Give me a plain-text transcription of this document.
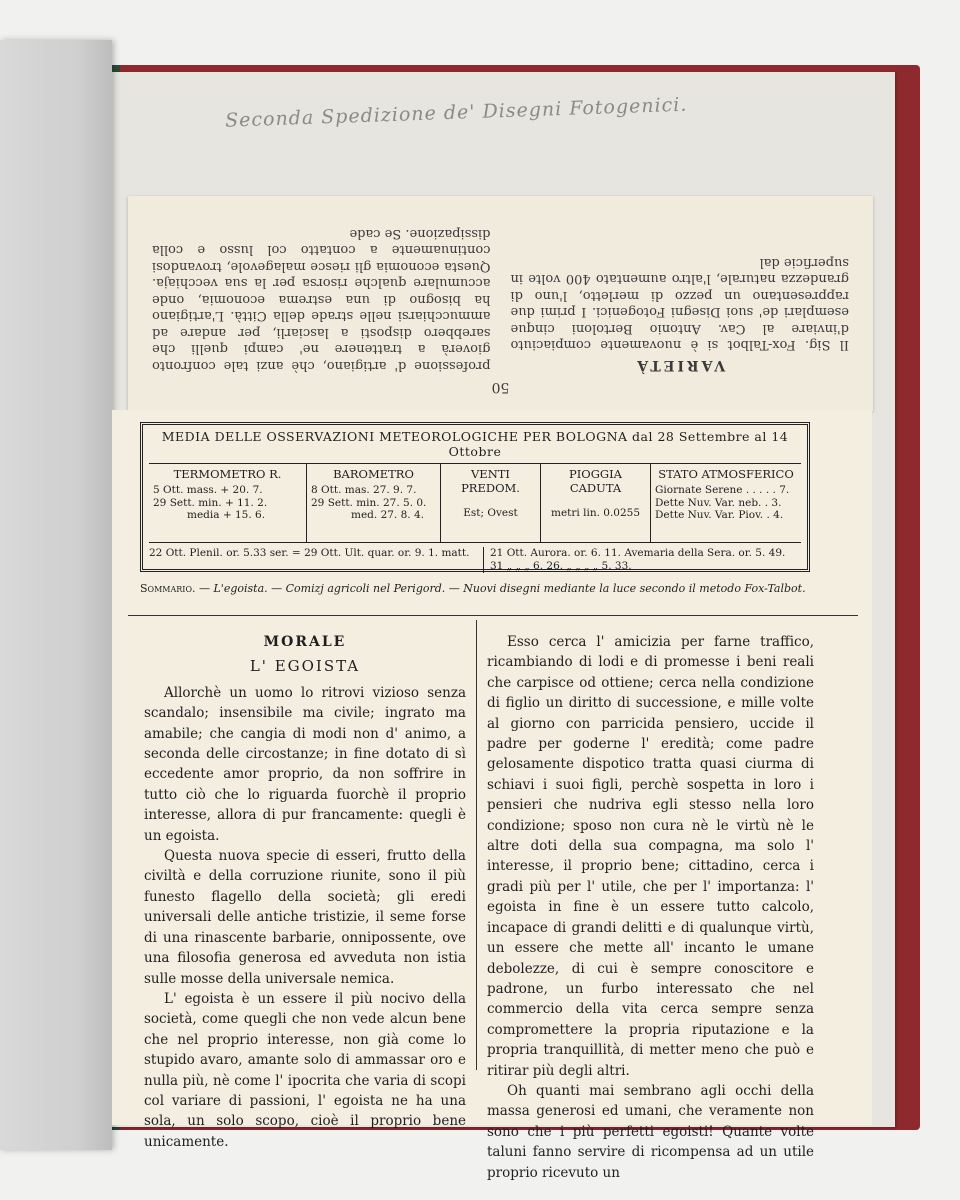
Seconda Spedizione de' Disegni Fotogenici.
50
VARIETÀ
Il Sig. Fox-Talbot si è nuovamente compiaciuto d'inviare al Cav. Antonio Bertoloni cinque esemplari de' suoi Disegni Fotogenici. I primi due rappresentano un pezzo di merletto, l'uno di grandezza naturale, l'altro aumentato 400 volte in superficie dal
professione d' artigiano, chè anzi tale confronto gioverà a trattenere ne' campi quelli che sarebbero disposti a lasciarli, per andare ad ammucchiarsi nelle strade della Città. L'artigiano ha bisogno di una estrema economia, onde accumulare qualche risorsa per la sua vecchiaja. Questa economia gli riesce malagevole, trovandosi continuamente a contatto col lusso e colla dissipazione. Se cade
MEDIA DELLE OSSERVAZIONI METEOROLOGICHE PER BOLOGNA dal 28 Settembre al 14 Ottobre
TERMOMETRO R.
5 Ott. mass. + 20. 7.
29 Sett. min. + 11. 2.
media + 15. 6.
BAROMETRO
8 Ott. mas. 27. 9. 7.
29 Sett. min. 27. 5. 0.
med. 27. 8. 4.
VENTI PREDOM.
Est; Ovest
PIOGGIA CADUTA
metri lin. 0.0255
STATO ATMOSFERICO
Giornate Serene . . . . . 7.
Dette Nuv. Var. neb. . 3.
Dette Nuv. Var. Piov. . 4.
22 Ott. Plenil. or. 5.33 ser. = 29 Ott. Ult. quar. or. 9. 1. matt.	21 Ott. Aurora. or. 6. 11. Avemaria della Sera. or. 5. 49.
31 „ „ „ 6. 26. „ „ „ „ 5. 33.
Sommario. — L'egoista. — Comizj agricoli nel Perigord. — Nuovi disegni mediante la luce secondo il metodo Fox-Talbot.
MORALE
L' EGOISTA

Allorchè un uomo lo ritrovi vizioso senza scandalo; insensibile ma civile; ingrato ma amabile; che cangia di modi non d' animo, a seconda delle circostanze; in fine dotato di sì eccedente amor proprio, da non soffrire in tutto ciò che lo riguarda fuorchè il proprio interesse, allora di pur francamente: quegli è un egoista.

Questa nuova specie di esseri, frutto della civiltà e della corruzione riunite, sono il più funesto flagello della società; gli eredi universali delle antiche tristizie, il seme forse di una rinascente barbarie, onnipossente, ove una filosofia generosa ed avveduta non istia sulle mosse della universale nemica.

L' egoista è un essere il più nocivo della società, come quegli che non vede alcun bene che nel proprio interesse, non già come lo stupido avaro, amante solo di ammassar oro e nulla più, nè come l' ipocrita che varia di scopi col variare di passioni, l' egoista ne ha una sola, un solo scopo, cioè il proprio bene unicamente.

Esso cerca l' amicizia per farne traffico, ricambiando di lodi e di promesse i beni reali che carpisce od ottiene; cerca nella condizione di figlio un diritto di successione, e mille volte al giorno con parricida pensiero, uccide il padre per goderne l' eredità; come padre gelosamente dispotico tratta quasi ciurma di schiavi i suoi figli, perchè sospetta in loro i pensieri che nudriva egli stesso nella loro condizione; sposo non cura nè le virtù nè le altre doti della sua compagna, ma solo l' interesse, il proprio bene; cittadino, cerca i gradi più per l' utile, che per l' importanza: l' egoista in fine è un essere tutto calcolo, incapace di grandi delitti e di qualunque virtù, un essere che mette all' incanto le umane debolezze, di cui è sempre conoscitore e padrone, un furbo interessato che nel commercio della vita cerca sempre senza compromettere la propria riputazione e la propria tranquillità, di metter meno che può e ritirar più degli altri.

Oh quanti mai sembrano agli occhi della massa generosi ed umani, che veramente non sono che i più perfetti egoisti! Quante volte taluni fanno servire di ricompensa ad un utile proprio ricevuto un
